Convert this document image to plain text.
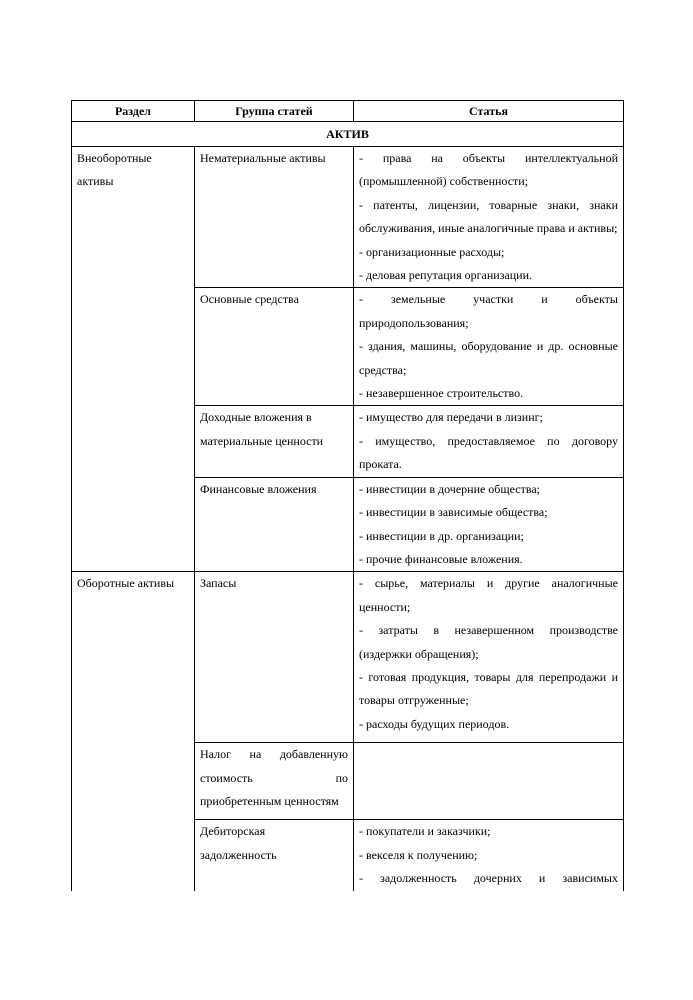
Раздел	Группа статей	Статья
АКТИВ		

Внеоборотные активы	Нематериальные активы	- права на объекты интеллектуальной (промышленной) собственности;
- патенты, лицензии, товарные знаки, знаки обслуживания, иные аналогичные права и активы;
- организационные расходы;
- деловая репутация организации.

	Основные средства	- земельные участки и объекты природопользования;
- здания, машины, оборудование и др. основные средства;
- незавершенное строительство.

	Доходные вложения в материальные ценности	- имущество для передачи в лизинг;
- имущество, предоставляемое по договору проката.

	Финансовые вложения	- инвестиции в дочерние общества;
- инвестиции в зависимые общества;
- инвестиции в др. организации;
- прочие финансовые вложения.

Оборотные активы	Запасы	- сырье, материалы и другие аналогичные ценности;
- затраты в незавершенном производстве (издержки обращения);
- готовая продукция, товары для перепродажи и товары отгруженные;
- расходы будущих периодов.

	Налог на добавленную стоимость по приобретенным ценностям	

	Дебиторская задолженность	- покупатели и заказчики;
- векселя к получению;
- задолженность дочерних и зависимых
